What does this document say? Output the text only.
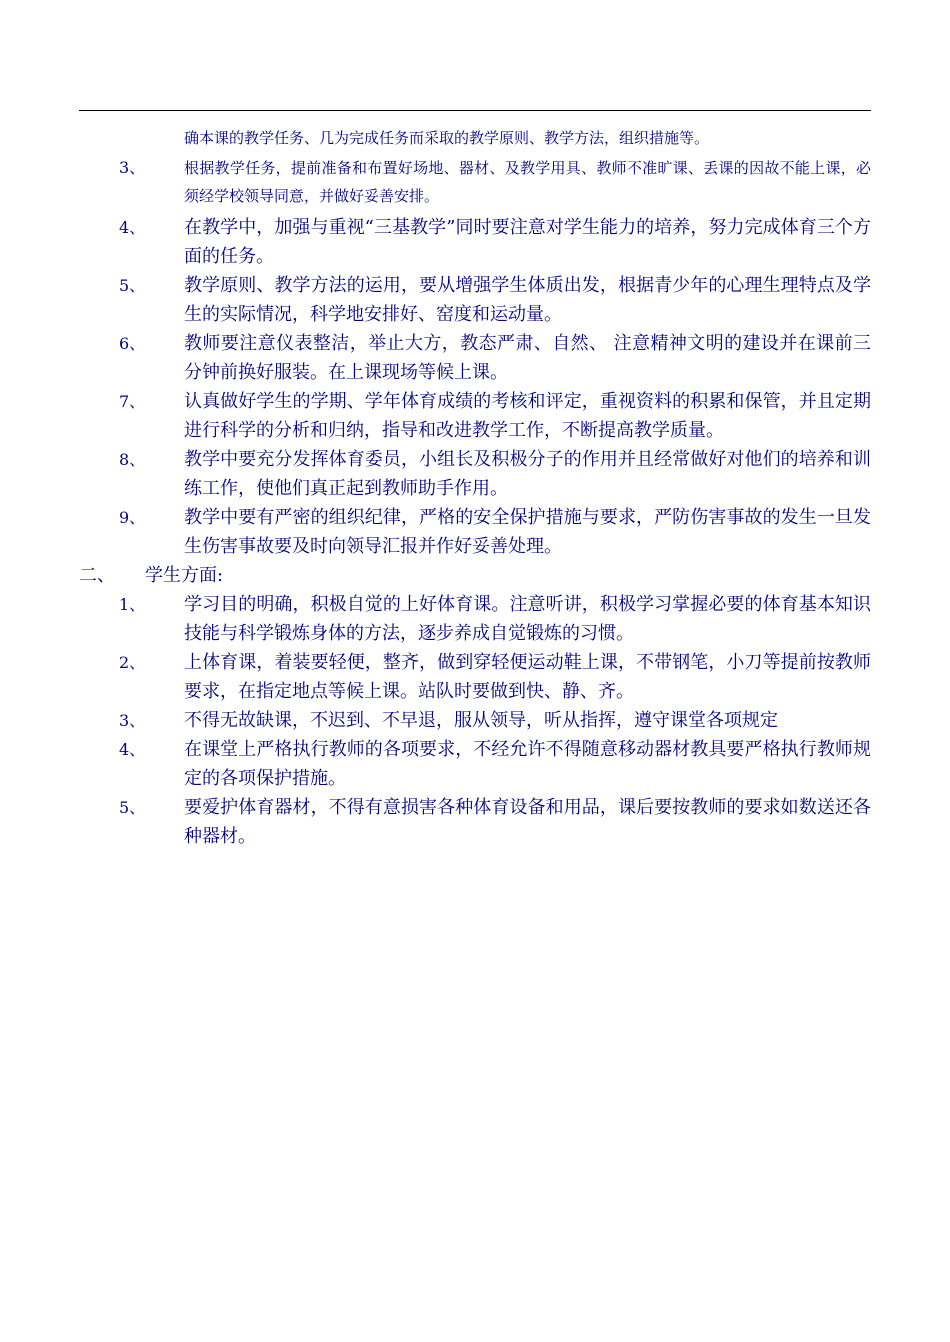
确本课的教学任务、几为完成任务而采取的教学原则、教学方法，组织措施等。
3、	根据教学任务，提前准备和布置好场地、器材、及教学用具、教师不准旷课、丢课的因故不能上课，必须经学校领导同意，并做好妥善安排。
4、	在教学中，加强与重视“三基教学”同时要注意对学生能力的培养，努力完成体育三个方面的任务。
5、	教学原则、教学方法的运用，要从增强学生体质出发，根据青少年的心理生理特点及学生的实际情况，科学地安排好、窑度和运动量。
6、	教师要注意仪表整洁，举止大方，教态严肃、自然、 注意精神文明的建设并在课前三分钟前换好服装。在上课现场等候上课。
7、	认真做好学生的学期、学年体育成绩的考核和评定，重视资料的积累和保管，并且定期进行科学的分析和归纳，指导和改进教学工作，不断提高教学质量。
8、	教学中要充分发挥体育委员，小组长及积极分子的作用并且经常做好对他们的培养和训练工作，使他们真正起到教师助手作用。
9、	教学中要有严密的组织纪律，严格的安全保护措施与要求，严防伤害事故的发生一旦发生伤害事故要及时向领导汇报并作好妥善处理。
二、	学生方面:
1、	学习目的明确，积极自觉的上好体育课。注意听讲，积极学习掌握必要的体育基本知识技能与科学锻炼身体的方法，逐步养成自觉锻炼的习惯。
2、	上体育课，着装要轻便，整齐，做到穿轻便运动鞋上课，不带钢笔，小刀等提前按教师要求，在指定地点等候上课。站队时要做到快、静、齐。
3、	不得无故缺课，不迟到、不早退，服从领导，听从指挥，遵守课堂各项规定
4、	在课堂上严格执行教师的各项要求，不经允许不得随意移动器材教具要严格执行教师规定的各项保护措施。
5、	要爱护体育器材，不得有意损害各种体育设备和用品，课后要按教师的要求如数送还各种器材。
